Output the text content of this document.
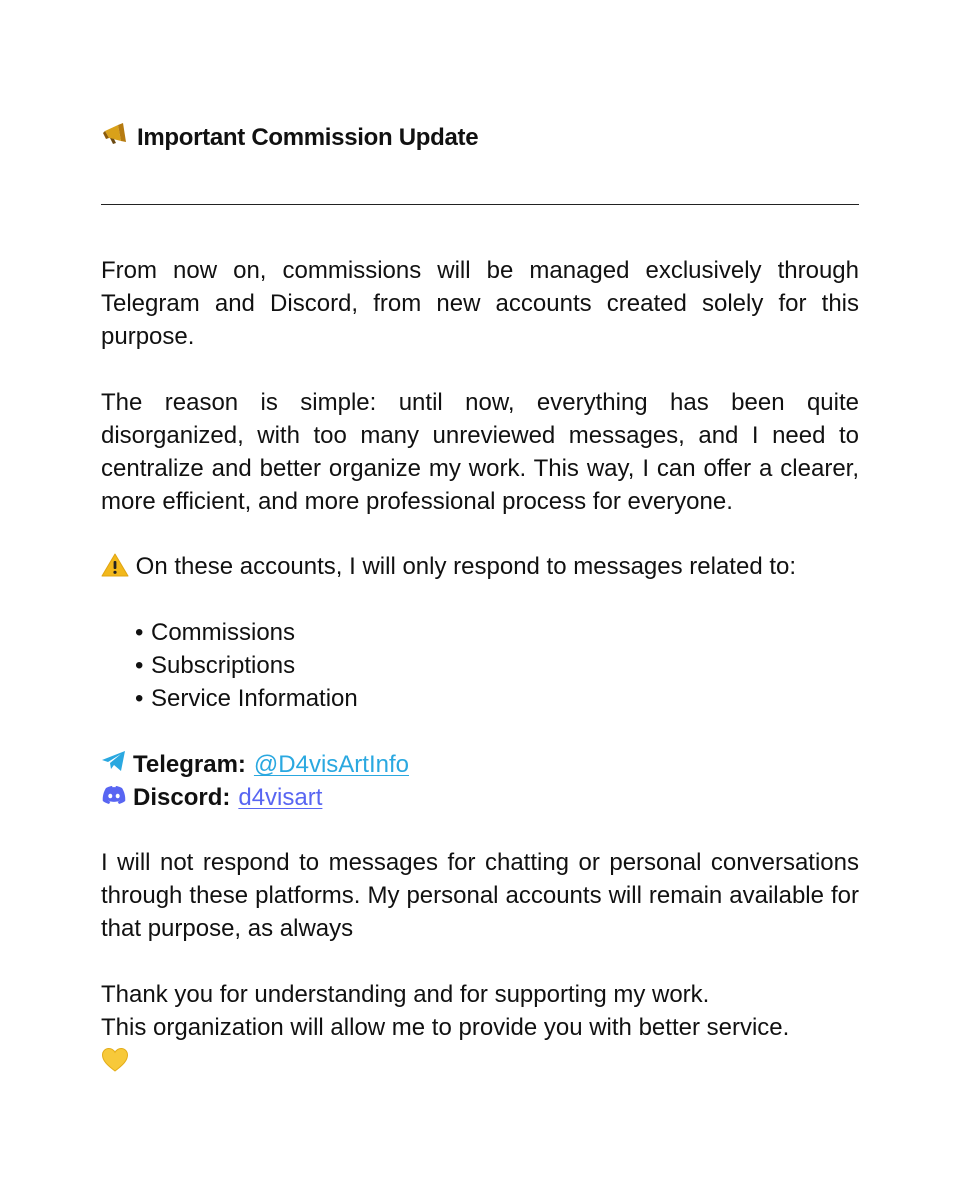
Important Commission Update

From now on, commissions will be managed exclusively through Telegram and Discord, from new accounts created solely for this purpose.

The reason is simple: until now, everything has been quite disorganized, with too many unreviewed messages, and I need to centralize and better organize my work. This way, I can offer a clearer, more efficient, and more professional process for everyone.

On these accounts, I will only respond to messages related to:
• Commissions
• Subscriptions
• Service Information
Telegram: @D4visArtInfo
Discord: d4visart

I will not respond to messages for chatting or personal conversations through these platforms. My personal accounts will remain available for that purpose, as always

Thank you for understanding and for supporting my work.
This organization will allow me to provide you with better service.
